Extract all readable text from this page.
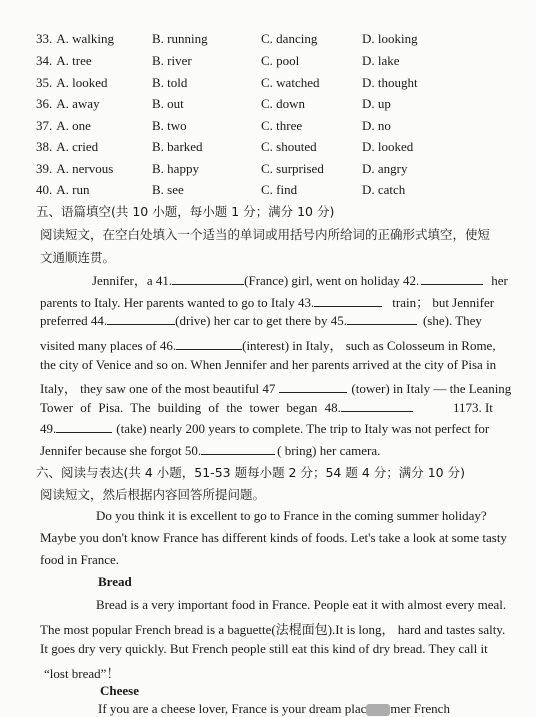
33. A. walking	B. running	C. dancing	D. looking
34. A. tree	B. river	C. pool	D. lake
35. A. looked	B. told	C. watched	D. thought
36. A. away	B. out	C. down	D. up
37. A. one	B. two	C. three	D. no
38. A. cried	B. barked	C. shouted	D. looked
39. A. nervous	B. happy	C. surprised	D. angry
40. A. run	B. see	C. find	D. catch
五、语篇填空(共 10 小题，每小题 1 分；满分 10 分)
阅读短文，在空白处填入一个适当的单词或用括号内所给词的正确形式填空，使短
文通顺连贯。
Jennifer，a 41.	(France) girl, went on holiday 42.	her
parents to Italy. Her parents wanted to go to Italy 43.	train； but Jennifer
preferred 44.	(drive) her car to get there by 45.	(she). They
visited many places of 46.	(interest) in Italy， such as Colosseum in Rome,
the city of Venice and so on. When Jennifer and her parents arrived at the city of Pisa in
Italy， they saw one of the most beautiful 47	(tower) in Italy — the Leaning
Tower of Pisa. The building of the tower began 48.	1173. It
49.	(take) nearly 200 years to complete. The trip to Italy was not perfect for
Jennifer because she forgot 50.	( bring) her camera.
六、阅读与表达(共 4 小题，51-53 题每小题 2 分；54 题 4 分；满分 10 分)
阅读短文，然后根据内容回答所提问题。
Do you think it is excellent to go to France in the coming summer holiday?
Maybe you don't know France has different kinds of foods. Let's take a look at some tasty
food in France.
Bread
Bread is a very important food in France. People eat it with almost every meal.
The most popular French bread is a baguette(法棍面包).It is long， hard and tastes salty.
It goes dry very quickly. But French people still eat this kind of dry bread. They call it
“lost bread”！
Cheese
If you are a cheese lover, France is your dream plac mer French
